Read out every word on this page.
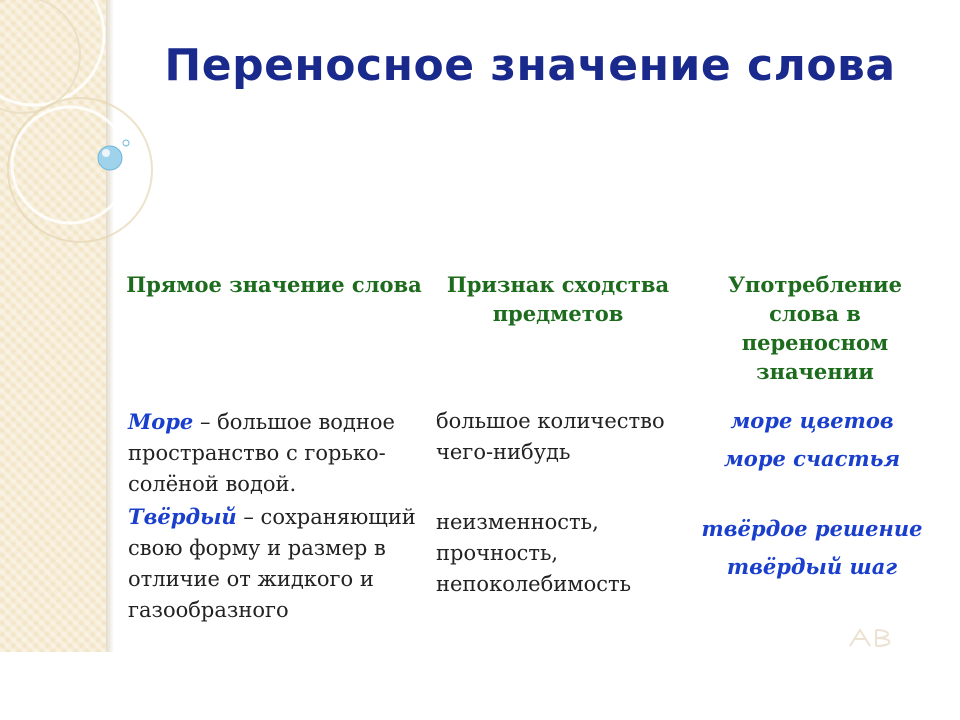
Переносное значение слова
Прямое значение слова	Признак сходства предметов
Употребление слова в переносном значении
Море – большое водное пространство с горько-солёной водой.
большое количество чего-нибудь
море цветов
море счастья
Твёрдый – сохраняющий свою форму и размер в отличие от жидкого и газообразного
неизменность, прочность, непоколебимость
твёрдое решение
твёрдый шаг
